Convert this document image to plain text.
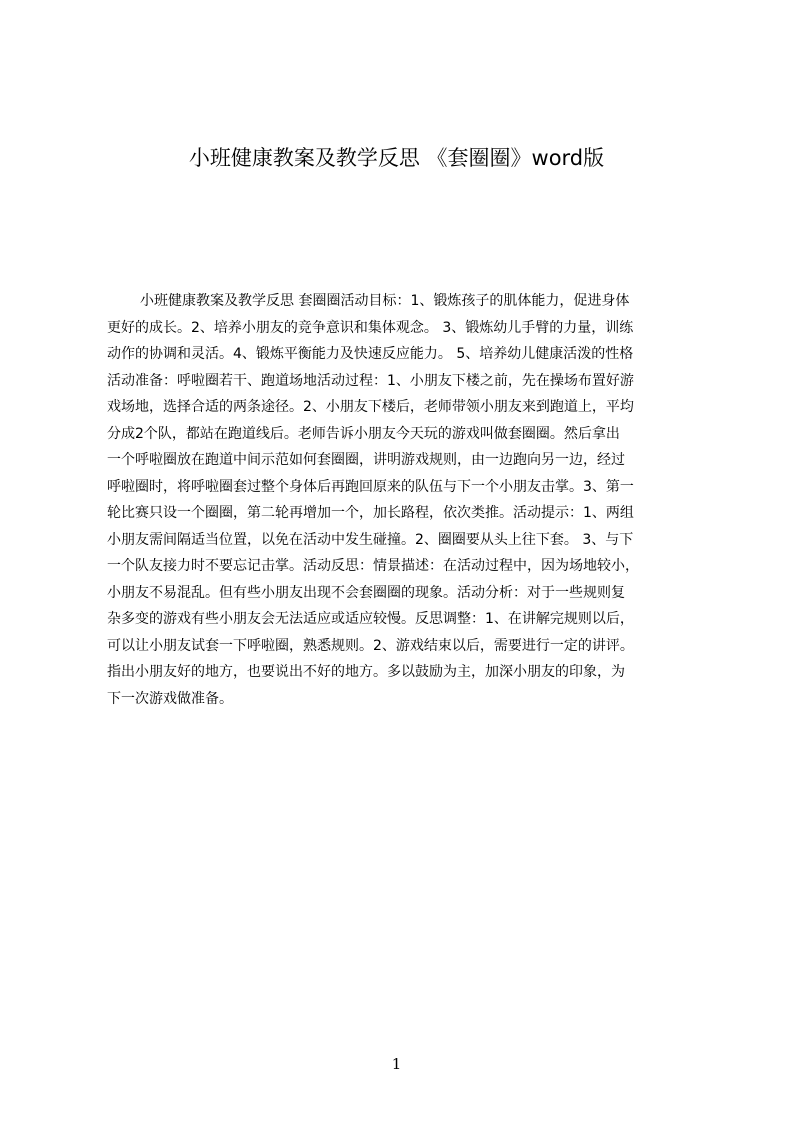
小班健康教案及教学反思 《套圈圈》word版
小班健康教案及教学反思 套圈圈活动目标：1、锻炼孩子的肌体能力，促进身体
更好的成长。2、培养小朋友的竞争意识和集体观念。 3、锻炼幼儿手臂的力量，训练
动作的协调和灵活。4、锻炼平衡能力及快速反应能力。 5、培养幼儿健康活泼的性格
活动准备：呼啦圈若干、跑道场地活动过程：1、小朋友下楼之前，先在操场布置好游
戏场地，选择合适的两条途径。2、小朋友下楼后，老师带领小朋友来到跑道上，平均
分成2个队，都站在跑道线后。老师告诉小朋友今天玩的游戏叫做套圈圈。然后拿出
一个呼啦圈放在跑道中间示范如何套圈圈，讲明游戏规则，由一边跑向另一边，经过
呼啦圈时，将呼啦圈套过整个身体后再跑回原来的队伍与下一个小朋友击掌。3、第一
轮比赛只设一个圈圈，第二轮再增加一个，加长路程，依次类推。活动提示：1、两组
小朋友需间隔适当位置，以免在活动中发生碰撞。2、圈圈要从头上往下套。 3、与下
一个队友接力时不要忘记击掌。活动反思：情景描述：在活动过程中，因为场地较小，
小朋友不易混乱。但有些小朋友出现不会套圈圈的现象。活动分析：对于一些规则复
杂多变的游戏有些小朋友会无法适应或适应较慢。反思调整：1、在讲解完规则以后，
可以让小朋友试套一下呼啦圈，熟悉规则。2、游戏结束以后，需要进行一定的讲评。
指出小朋友好的地方，也要说出不好的地方。多以鼓励为主，加深小朋友的印象，为
下一次游戏做准备。
1
